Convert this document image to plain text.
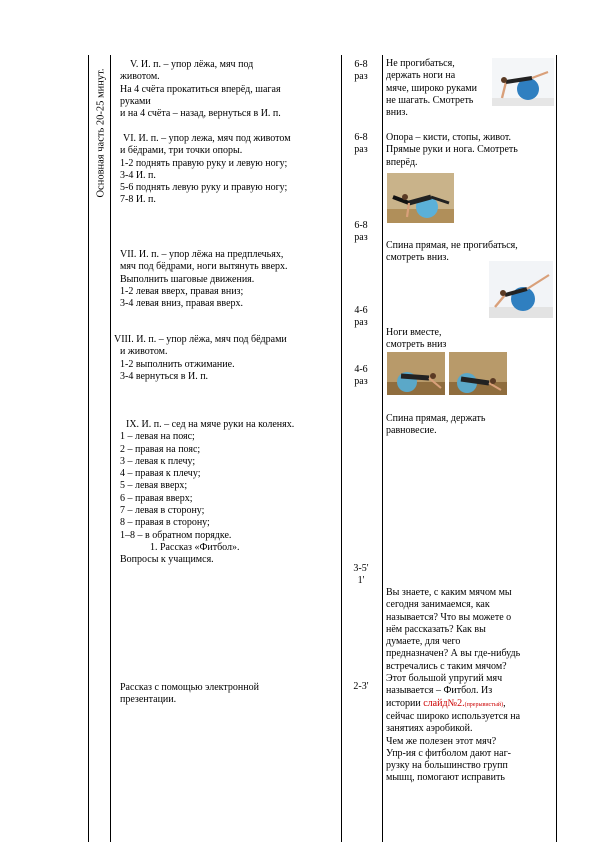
Основная часть 20-25 минут.
V. И. п. – упор лёжа, мяч под
животом.
На 4 счёта прокатиться вперёд, шагая
руками
и на 4 счёта – назад, вернуться в И. п.
VI. И. п. – упор лежа, мяч под животом
и бёдрами, три точки опоры.
1-2 поднять правую руку и левую ногу;
3-4 И. п.
5-6 поднять левую руку и правую ногу;
7-8 И. п.
VII. И. п. – упор лёжа на предплечьях,
мяч под бёдрами, ноги вытянуть вверх.
Выполнить шаговые движения.
1-2 левая вверх, правая вниз;
3-4 левая вниз, правая вверх.
VIII. И. п. – упор лёжа, мяч под бёдрами
и животом.
1-2 выполнить отжимание.
3-4 вернуться в И. п.
IX. И. п. – сед на мяче руки на коленях.
1 – левая на пояс;
2 – правая на пояс;
3 – левая к плечу;
4 – правая к плечу;
5 – левая вверх;
6 – правая вверх;
7 – левая в сторону;
8 – правая в сторону;
1–8 – в обратном порядке.
1. Рассказ «Фитбол».
Вопросы к учащимся.
Рассказ с помощью электронной
презентации.
6-8
раз
6-8
раз
6-8
раз
4-6
раз
4-6
раз
3-5'
1'
2-3'
Не прогибаться,
держать ноги на
мяче, широко руками
не шагать. Смотреть
вниз.
Опора – кисти, стопы, живот.
Прямые руки и нога. Смотреть
вперёд.
Спина прямая, не прогибаться,
смотреть вниз.
Ноги вместе,
смотреть вниз
Спина прямая, держать
равновесие.
Вы знаете, с каким мячом мы
сегодня занимаемся, как
называется? Что вы можете о
нём рассказать? Как вы
думаете, для чего
предназначен? А вы где-нибудь
встречались с таким мячом?
Этот большой упругий мяч
называется – Фитбол. Из
истории слайд№2.(прерывистый),
сейчас широко используется на
занятиях аэробикой.
Чем же полезен этот мяч?
Упр-ия с фитболом дают наг-
рузку на большинство групп
мышц, помогают исправить
